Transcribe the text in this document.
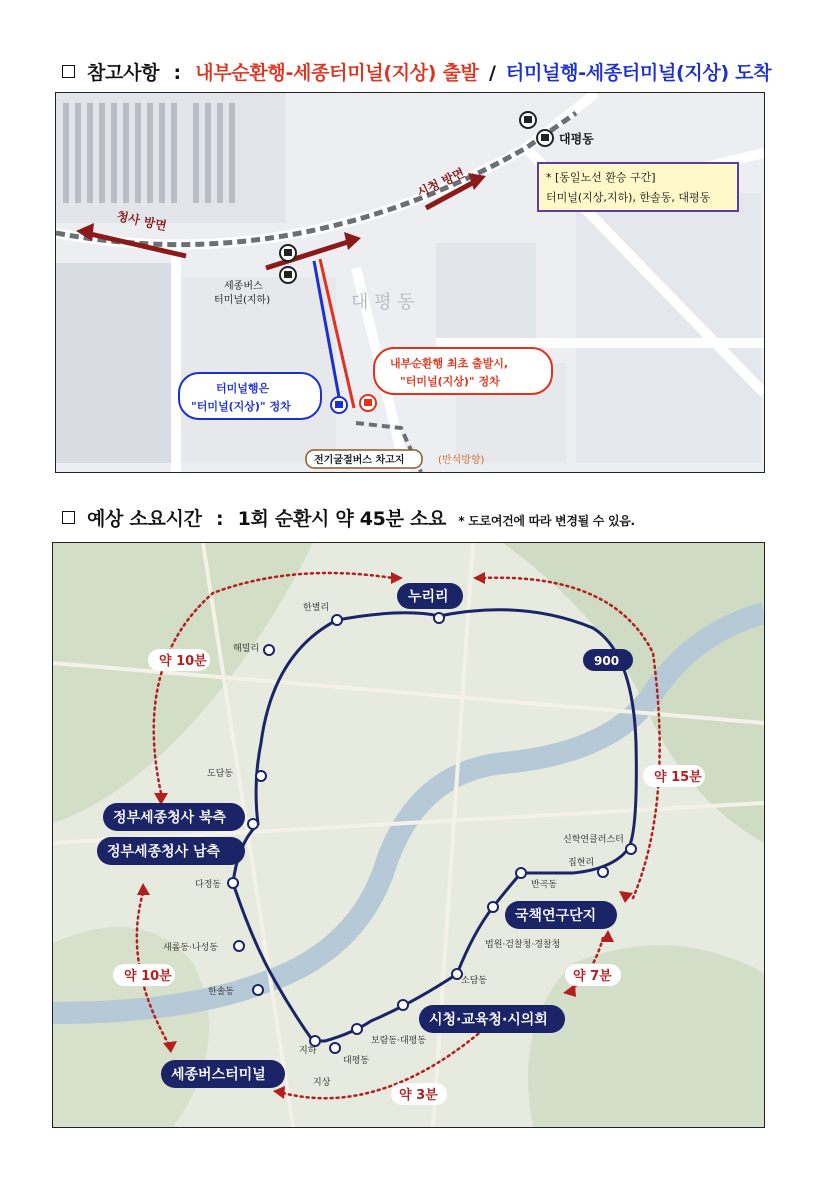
참고사항 : 내부순환행-세종터미널(지상) 출발 / 터미널행-세종터미널(지상) 도착
시청 방면
청사 방면
대평동
* [동일노선 환승 구간]
터미널(지상,지하), 한솔동, 대평동
세종버스
터미널(지하)	대 평 동
내부순환행 최초 출발시,
"터미널(지상)" 정차
터미널행은
"터미널(지상)" 정차
전기굴절버스 차고지	(반석방향)
예상 소요시간 : 1회 순환시 약 45분 소요 * 도로여건에 따라 변경될 수 있음.
한별리
해밀리
도담동
다정동
새롬동·나성동
한솔동
지하
지상
대평동
보람동·대평동
소담동
법원·검찰청·경찰청
반곡동
집현리
신학연클러스터
약 10분
약 15분
약 10분	약 7분
약 3분
누리리
900
정부세종청사 북측
정부세종청사 남측
국책연구단지
시청·교육청·시의회
세종버스터미널
